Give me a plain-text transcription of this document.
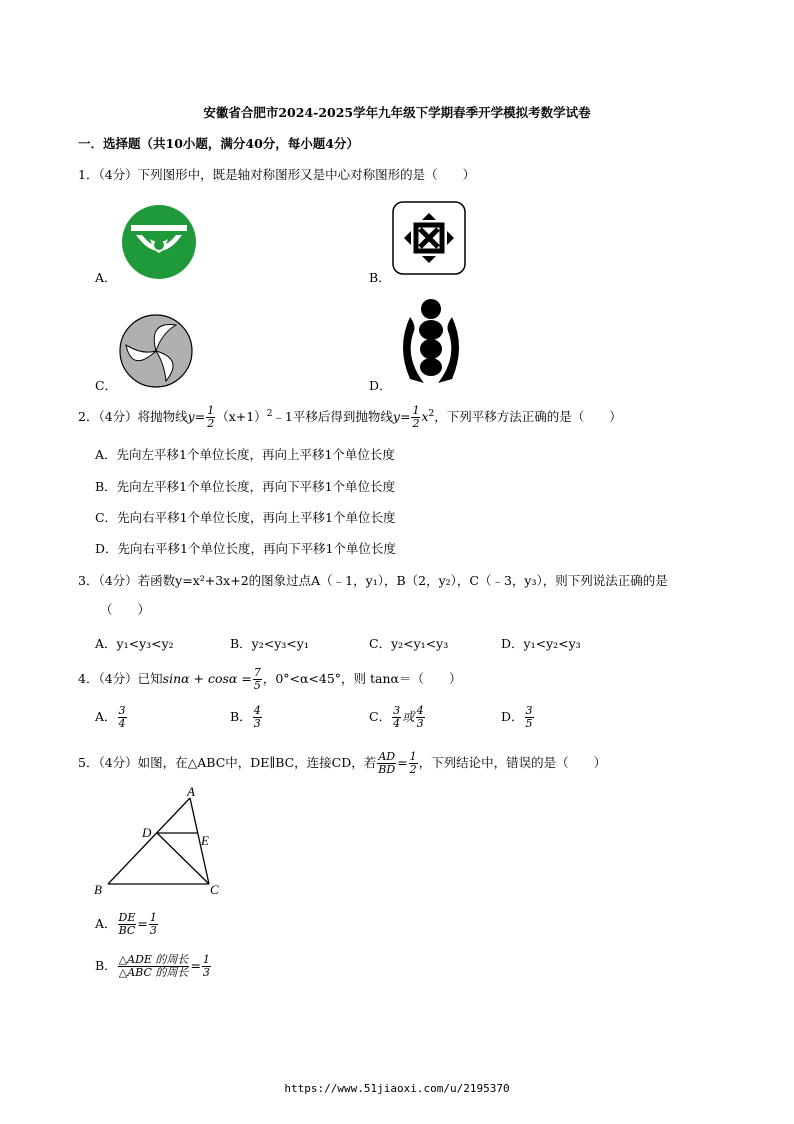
安徽省合肥市2024-2025学年九年级下学期春季开学模拟考数学试卷
一．选择题（共10小题，满分40分，每小题4分）
1．（4分）下列图形中，既是轴对称图形又是中心对称图形的是（　　）
A．	B．
C．	D．
2．（4分）将抛物线$y= \frac{1}{2}$ $(x+1)^2﹣1$平移后得到抛物线$y= \frac{1}{2} x^2$，下列平移方法正确的是（　　）
A．先向左平移1个单位长度，再向上平移1个单位长度
B．先向左平移1个单位长度，再向下平移1个单位长度
C．先向右平移1个单位长度，再向上平移1个单位长度
D．先向右平移1个单位长度，再向下平移1个单位长度
3．（4分）若函数y=x²+3x+2的图象过点A（﹣1，y₁），B（2，y₂），C（﹣3，y₃），则下列说法正确的是
（　　）
A．y₁<y₃<y₂	B．y₂<y₃<y₁	C．y₂<y₁<y₃	D．y₁<y₂<y₃
4．（4分）已知$\sin\alpha + \cos\alpha = \frac{7}{5}$ ，0°<α<45°，则 tanα＝（　　）
A． $\frac{3}{4}$	B． $\frac{4}{3}$	C． $\frac{3}{4}$ 或 $\frac{4}{3}$	D． $\frac{3}{5}$
5．（4分）如图，在△ABC中，DE∥BC，连接CD，若 $\frac{AD}{BD} = \frac{1}{2}$ ，下列结论中，错误的是（　　）
A
D
E
B	C
A． $\frac{DE}{BC} = \frac{1}{3}$
B． $\frac{\text{△ADE 的周长}}{\text{△ABC 的周长}} = \frac{1}{3}$
https://www.51jiaoxi.com/u/2195370
